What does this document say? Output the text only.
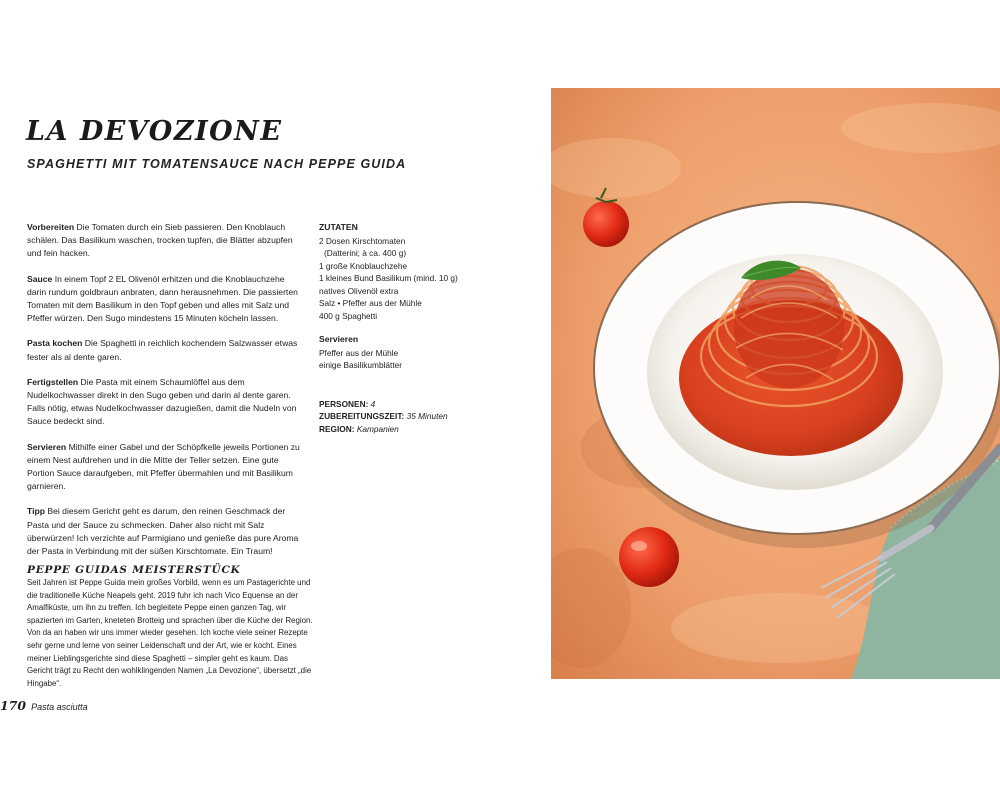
LA DEVOZIONE
SPAGHETTI MIT TOMATENSAUCE NACH PEPPE GUIDA

Vorbereiten Die Tomaten durch ein Sieb passieren. Den Knoblauch schälen. Das Basilikum waschen, trocken tupfen, die Blätter abzupfen und fein hacken.

Sauce In einem Topf 2 EL Olivenöl erhitzen und die Knoblauchzehe darin rundum goldbraun anbraten, dann herausnehmen. Die passierten Tomaten mit dem Basilikum in den Topf geben und alles mit Salz und Pfeffer würzen. Den Sugo mindestens 15 Minuten köcheln lassen.

Pasta kochen Die Spaghetti in reichlich kochendem Salzwasser etwas fester als al dente garen.

Fertigstellen Die Pasta mit einem Schaumlöffel aus dem Nudelkochwasser direkt in den Sugo geben und darin al dente garen. Falls nötig, etwas Nudelkochwasser dazugießen, damit die Nudeln von Sauce bedeckt sind.

Servieren Mithilfe einer Gabel und der Schöpfkelle jeweils Portionen zu einem Nest aufdrehen und in die Mitte der Teller setzen. Eine gute Portion Sauce daraufgeben, mit Pfeffer übermahlen und mit Basilikum garnieren.

Tipp Bei diesem Gericht geht es darum, den reinen Geschmack der Pasta und der Sauce zu schmecken. Daher also nicht mit Salz überwürzen! Ich verzichte auf Parmigiano und genieße das pure Aroma der Pasta in Verbindung mit der süßen Kirschtomate. Ein Traum!

ZUTATEN

2 Dosen Kirschtomaten

(Datterini; à ca. 400 g)

1 große Knoblauchzehe

1 kleines Bund Basilikum (mind. 10 g)

natives Olivenöl extra

Salz • Pfeffer aus der Mühle

400 g Spaghetti

Servieren

Pfeffer aus der Mühle

einige Basilikumblätter

PERSONEN: 4
ZUBEREITUNGSZEIT: 35 Minuten
REGION: Kampanien
PEPPE GUIDAS MEISTERSTÜCK

Seit Jahren ist Peppe Guida mein großes Vorbild, wenn es um Pastagerichte und die traditionelle Küche Neapels geht. 2019 fuhr ich nach Vico Equense an der Amalfiküste, um ihn zu treffen. Ich begleitete Peppe einen ganzen Tag, wir spazierten im Garten, kneteten Brotteig und sprachen über die Küche der Region. Von da an haben wir uns immer wieder gesehen. Ich koche viele seiner Rezepte sehr gerne und lerne von seiner Leidenschaft und der Art, wie er kocht. Eines meiner Lieblingsgerichte sind diese Spaghetti – simpler geht es kaum. Das Gericht trägt zu Recht den wohlklingenden Namen „La Devozione“, übersetzt „die Hingabe“.

170 Pasta asciutta
